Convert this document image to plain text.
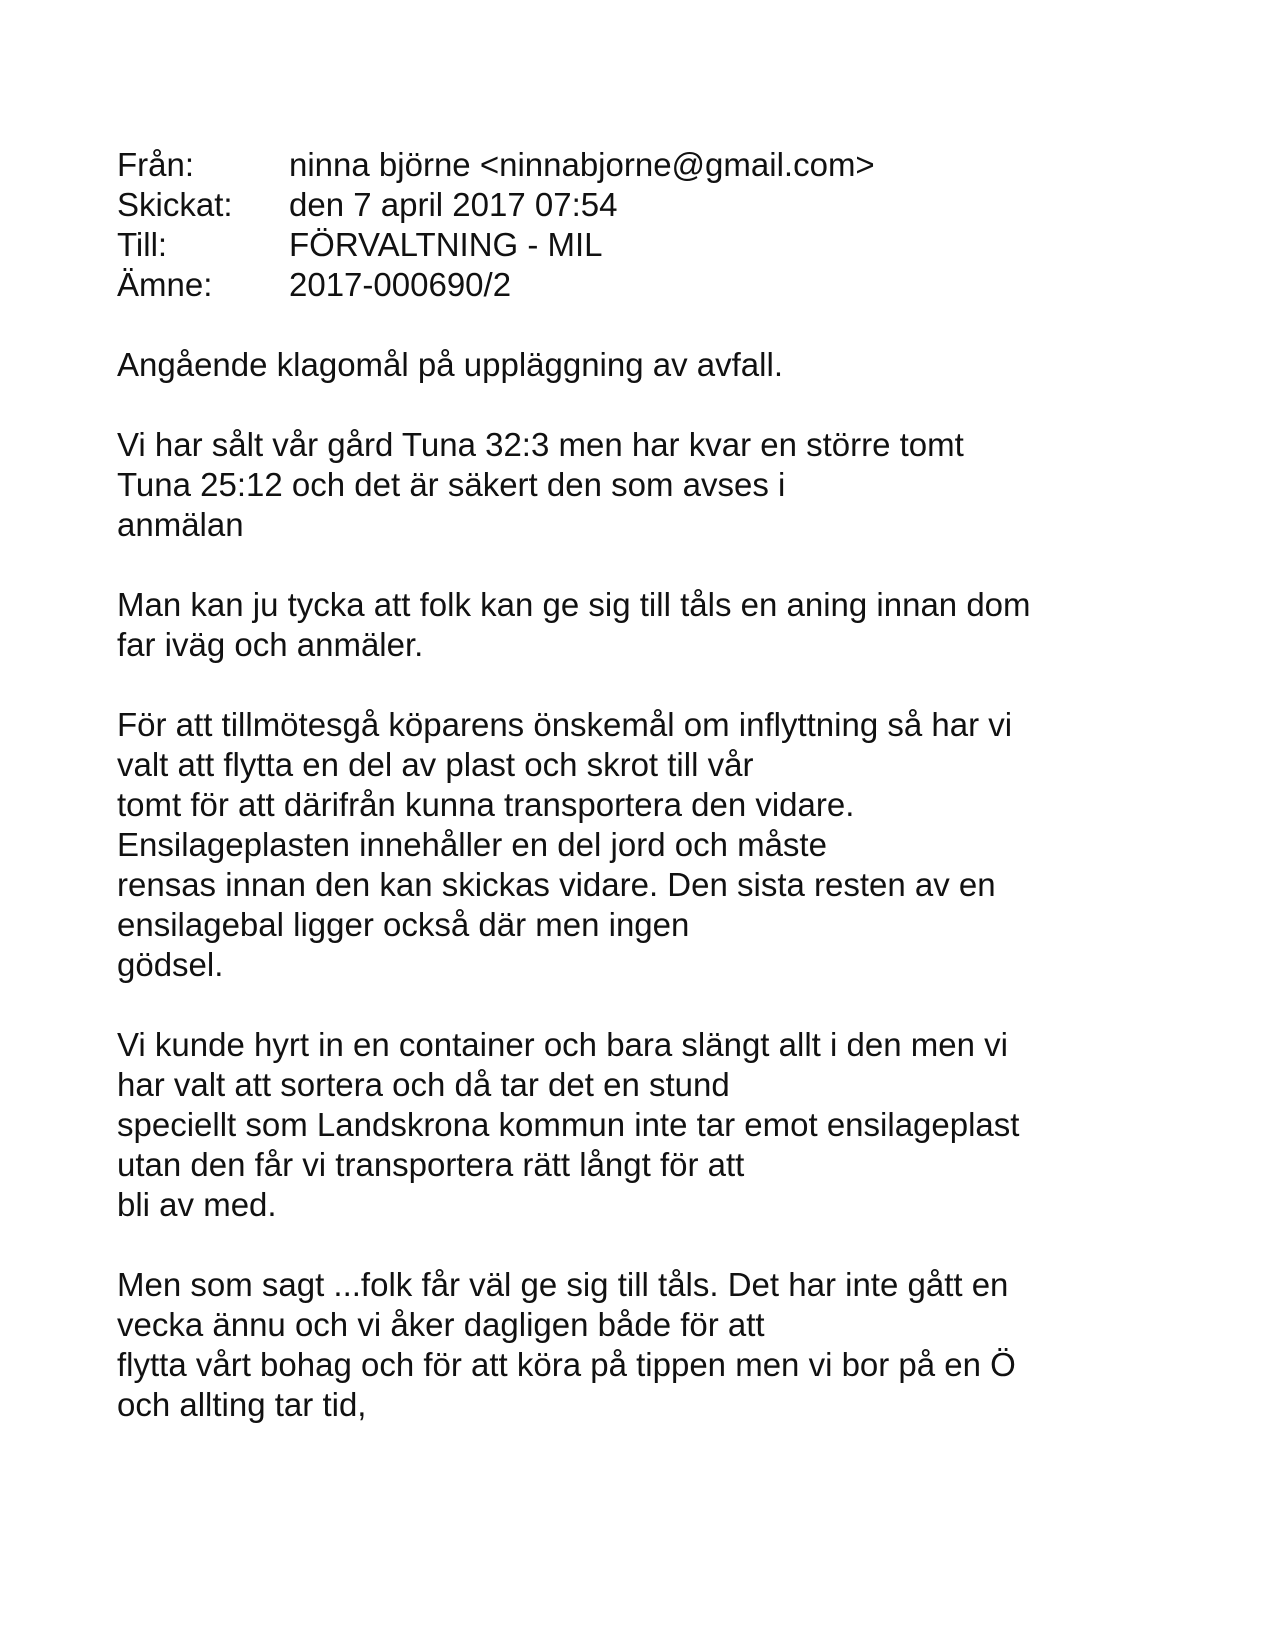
Från:	ninna björne <ninnabjorne@gmail.com>
Skickat:	den 7 april 2017 07:54
Till:	FÖRVALTNING - MIL
Ämne:	2017-000690/2
Angående klagomål på uppläggning av avfall.
Vi har sålt vår gård Tuna 32:3 men har kvar en större tomt
Tuna 25:12 och det är säkert den som avses i
anmälan
Man kan ju tycka att folk kan ge sig till tåls en aning innan dom
far iväg och anmäler.
För att tillmötesgå köparens önskemål om inflyttning så har vi
valt att flytta en del av plast och skrot till vår
tomt för att därifrån kunna transportera den vidare.
Ensilageplasten innehåller en del jord och måste
rensas innan den kan skickas vidare. Den sista resten av en
ensilagebal ligger också där men ingen
gödsel.
Vi kunde hyrt in en container och bara slängt allt i den men vi
har valt att sortera och då tar det en stund
speciellt som Landskrona kommun inte tar emot ensilageplast
utan den får vi transportera rätt långt för att
bli av med.
Men som sagt ...folk får väl ge sig till tåls. Det har inte gått en
vecka ännu och vi åker dagligen både för att
flytta vårt bohag och för att köra på tippen men vi bor på en Ö
och allting tar tid,
